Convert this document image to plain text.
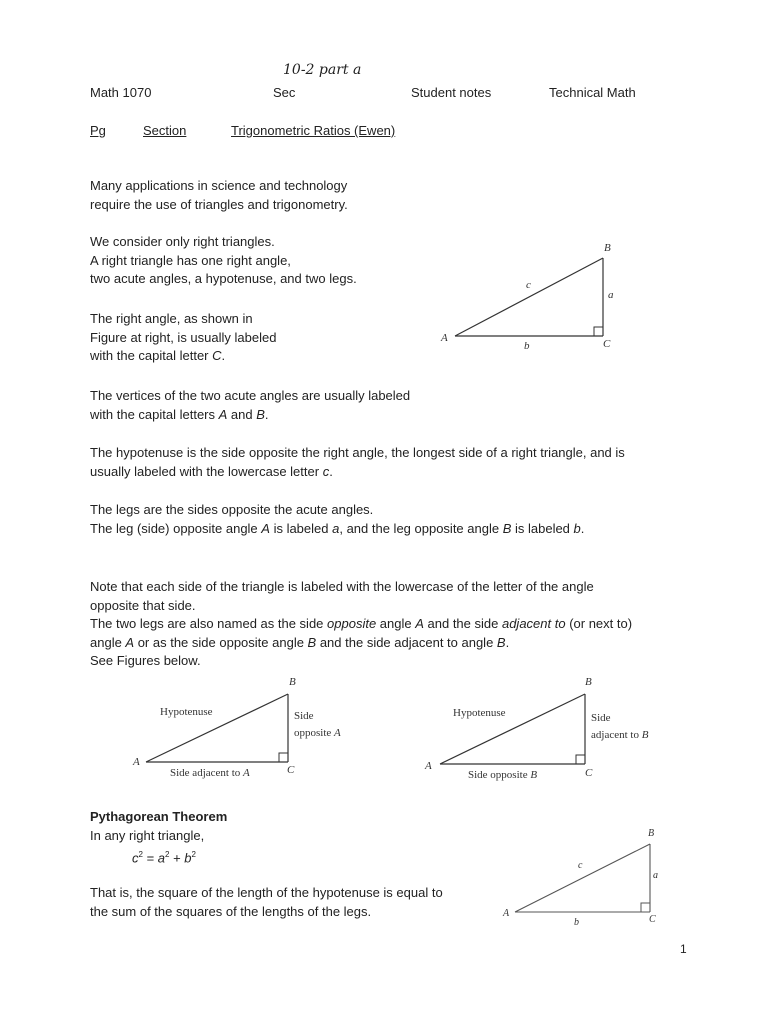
10-2 part a
Math 1070	Sec	Student notes	Technical Math
Pg	Section	Trigonometric Ratios (Ewen)
Many applications in science and technology
require the use of triangles and trigonometry.
We consider only right triangles.
A right triangle has one right angle,
two acute angles, a hypotenuse, and two legs.
The right angle, as shown in
Figure at right, is usually labeled
with the capital letter C.
B
A	C
a
b
c
The vertices of the two acute angles are usually labeled
with the capital letters A and B.
The hypotenuse is the side opposite the right angle, the longest side of a right triangle, and is
usually labeled with the lowercase letter c.
The legs are the sides opposite the acute angles.
The leg (side) opposite angle A is labeled a, and the leg opposite angle B is labeled b.
Note that each side of the triangle is labeled with the lowercase of the letter of the angle
opposite that side.
The two legs are also named as the side opposite angle A and the side adjacent to (or next to)
angle A or as the side opposite angle B and the side adjacent to angle B.
See Figures below.
B
A
C
Hypotenuse	Side
opposite A
Side adjacent to A
B
A
C
Hypotenuse	Side
adjacent to B
Side opposite B
Pythagorean Theorem
In any right triangle,
$c^2 = a^2 + b^2$
That is, the square of the length of the hypotenuse is equal to
the sum of the squares of the lengths of the legs.
B
A
C
a
b
c
1
